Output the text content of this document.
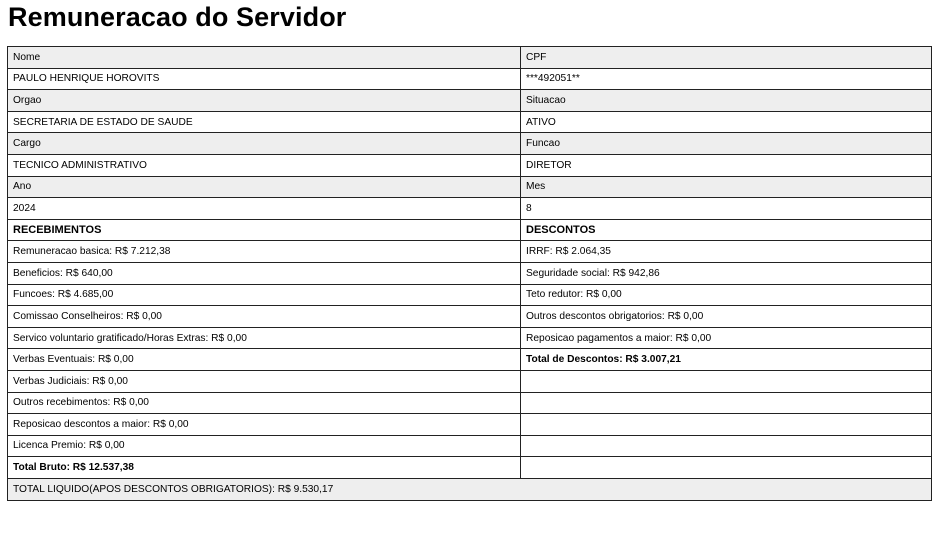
Remuneracao do Servidor
Nome	CPF
PAULO HENRIQUE HOROVITS	***492051**
Orgao	Situacao
SECRETARIA DE ESTADO DE SAUDE	ATIVO
Cargo	Funcao
TECNICO ADMINISTRATIVO	DIRETOR
Ano	Mes
2024	8
RECEBIMENTOS	DESCONTOS
Remuneracao basica: R$ 7.212,38	IRRF: R$ 2.064,35
Beneficios: R$ 640,00	Seguridade social: R$ 942,86
Funcoes: R$ 4.685,00	Teto redutor: R$ 0,00
Comissao Conselheiros: R$ 0,00	Outros descontos obrigatorios: R$ 0,00
Servico voluntario gratificado/Horas Extras: R$ 0,00	Reposicao pagamentos a maior: R$ 0,00
Verbas Eventuais: R$ 0,00	Total de Descontos: R$ 3.007,21
Verbas Judiciais: R$ 0,00	
Outros recebimentos: R$ 0,00	
Reposicao descontos a maior: R$ 0,00	
Licenca Premio: R$ 0,00	
Total Bruto: R$ 12.537,38	
TOTAL LIQUIDO(APOS DESCONTOS OBRIGATORIOS): R$ 9.530,17	
